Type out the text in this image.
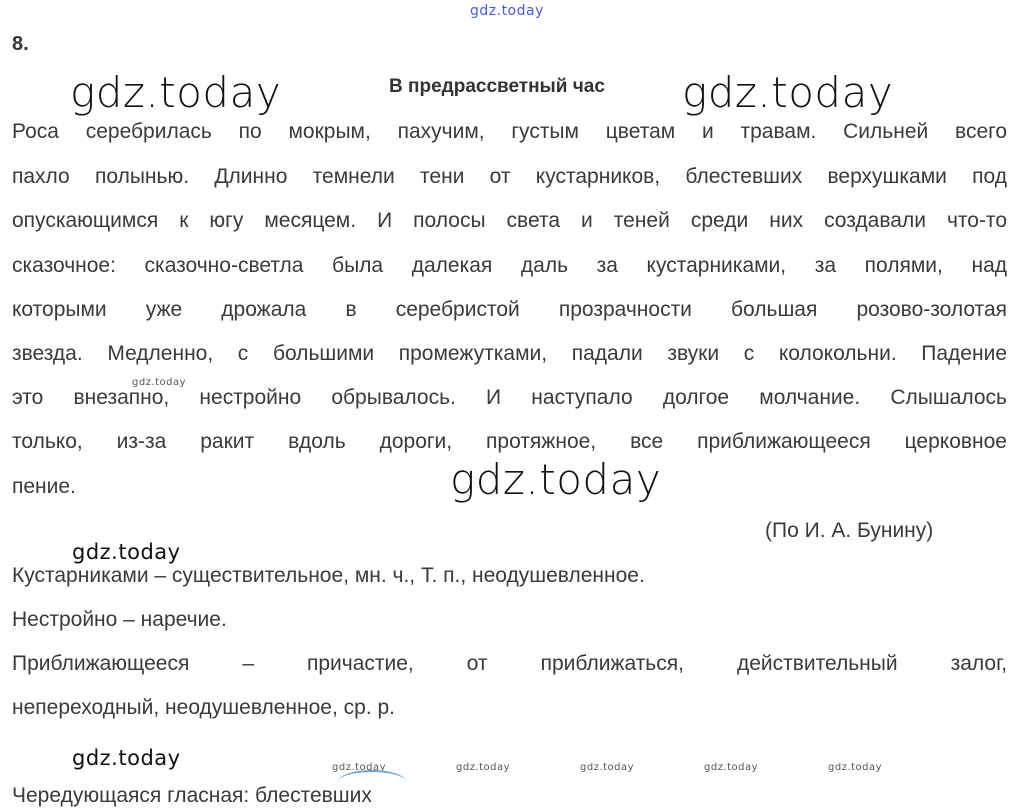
gdz.today
8.
В предрассветный час
gdz.today	gdz.today
Роса серебрилась по мокрым, пахучим, густым цветам и травам. Сильней всего
пахло полынью. Длинно темнели тени от кустарников, блестевших верхушками под
опускающимся к югу месяцем. И полосы света и теней среди них создавали что-то
сказочное: сказочно-светла была далекая даль за кустарниками, за полями, над
которыми уже дрожала в серебристой прозрачности большая розово-золотая
звезда. Медленно, с большими промежутками, падали звуки с колокольни. Падение
это внезапно, нестройно обрывалось. И наступало долгое молчание. Слышалось
только, из-за ракит вдоль дороги, протяжное, все приближающееся церковное
пение.
gdz.today
gdz.today
(По И. А. Бунину)
gdz.today
Кустарниками – существительное, мн. ч., Т. п., неодушевленное.
Нестройно – наречие.
Приближающееся – причастие, от приближаться, действительный залог,
непереходный, неодушевленное, ср. р.
gdz.today	gdz.today	gdz.today	gdz.today	gdz.today	gdz.today
Чередующаяся гласная: блестевших
